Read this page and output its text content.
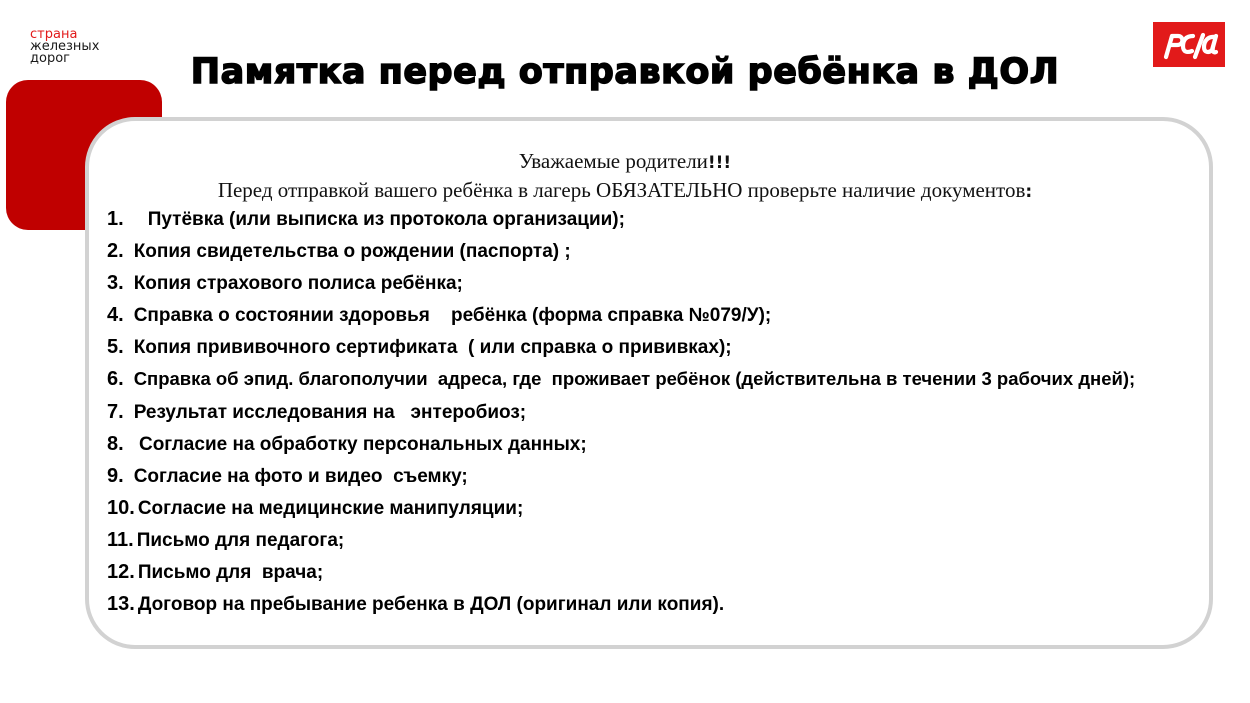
страна
железных
дорог	Памятка перед отправкой ребёнка в ДОЛ
Уважаемые родители!!!
Перед отправкой вашего ребёнка в лагерь ОБЯЗАТЕЛЬНО проверьте наличие документов:
1. Путёвка (или выписка из протокола организации);
2. Копия свидетельства о рождении (паспорта) ;
3. Копия страхового полиса ребёнка;
4. Справка о состоянии здоровья    ребёнка (форма справка №079/У);
5. Копия прививочного сертификата  ( или справка о прививках);
6. Справка об эпид. благополучии  адреса, где  проживает ребёнок (действительна в течении 3 рабочих дней);
7. Результат исследования на   энтеробиоз;
8. Согласие на обработку персональных данных;
9. Согласие на фото и видео  съемку;
10. Согласие на медицинские манипуляции;
11. Письмо для педагога;
12. Письмо для  врача;
13. Договор на пребывание ребенка в ДОЛ (оригинал или копия).
